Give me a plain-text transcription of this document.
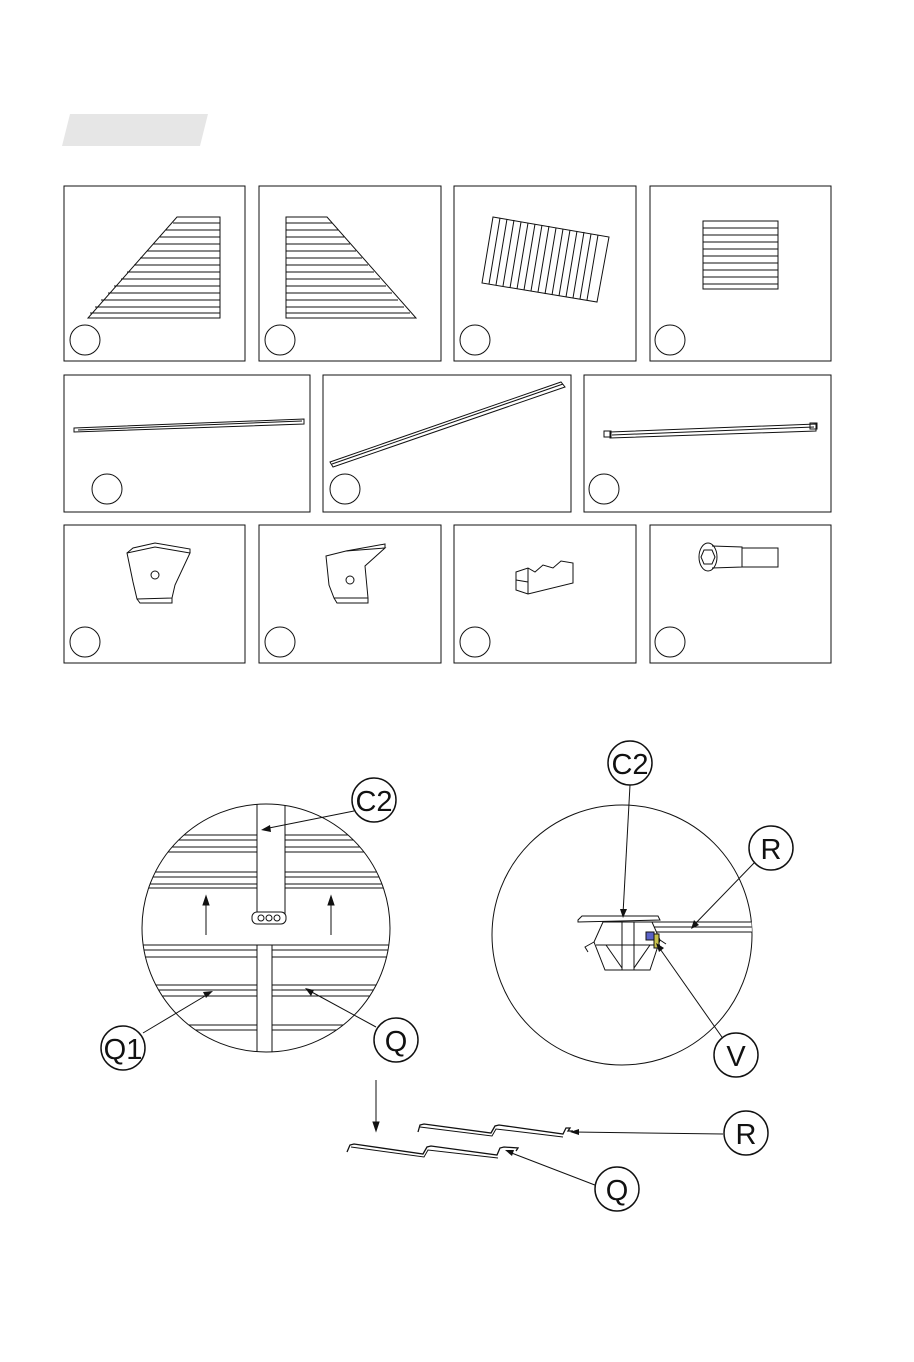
C2
Q1	Q
C2
R
V
R
Q
